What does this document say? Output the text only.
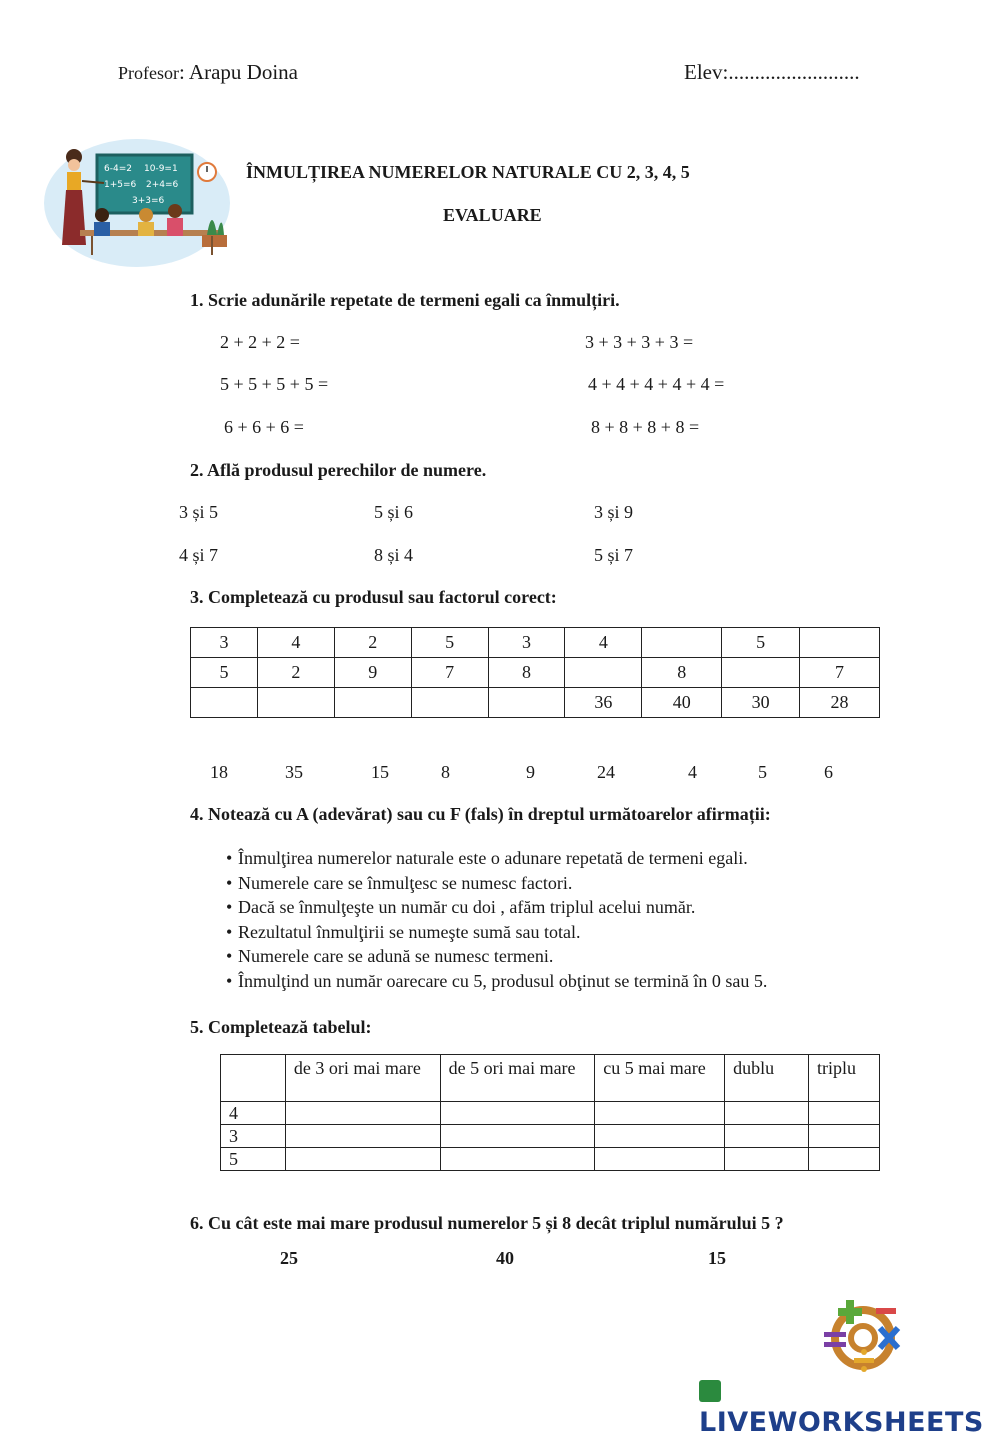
Profesor: Arapu Doina	Elev:.........................
6-4=2 10-9=1
1+5=6 2+4=6
3+3=6
ÎNMULȚIREA NUMERELOR NATURALE CU 2, 3, 4, 5
EVALUARE
1. Scrie adunările repetate de termeni egali ca înmulțiri.
2 + 2 + 2 =	3 + 3 + 3 + 3 =
5 + 5 + 5 + 5 =	4 + 4 + 4 + 4 + 4 =
6 + 6 + 6 =	8 + 8 + 8 + 8 =
2. Află produsul perechilor de numere.
3 și 5	5 și 6	3 și 9
4 și 7	8 și 4	5 și 7
3. Completează cu produsul sau factorul corect:
3	4	2	5	3	4		5	
5	2	9	7	8		8		7
					36	40	30	28
18	35	15	8	9	24	4	5	6
4. Notează cu A (adevărat) sau cu F (fals) în dreptul următoarelor afirmații:
• Înmulţirea numerelor naturale este o adunare repetată de termeni egali.
• Numerele care se înmulţesc se numesc factori.
• Dacă se înmulţeşte un număr cu doi , afăm triplul acelui număr.
• Rezultatul înmulţirii se numeşte sumă sau total.
• Numerele care se adună se numesc termeni.
• Înmulţind un număr oarecare cu 5, produsul obţinut se termină în 0 sau 5.
5. Completează tabelul:
	de 3 ori mai mare	de 5 ori mai mare	cu 5 mai mare	dublu	triplu
4					
3					
5					
6. Cu cât este mai mare produsul numerelor 5 și 8 decât triplul numărului 5 ?
25	40	15
LIVEWORKSHEETS
